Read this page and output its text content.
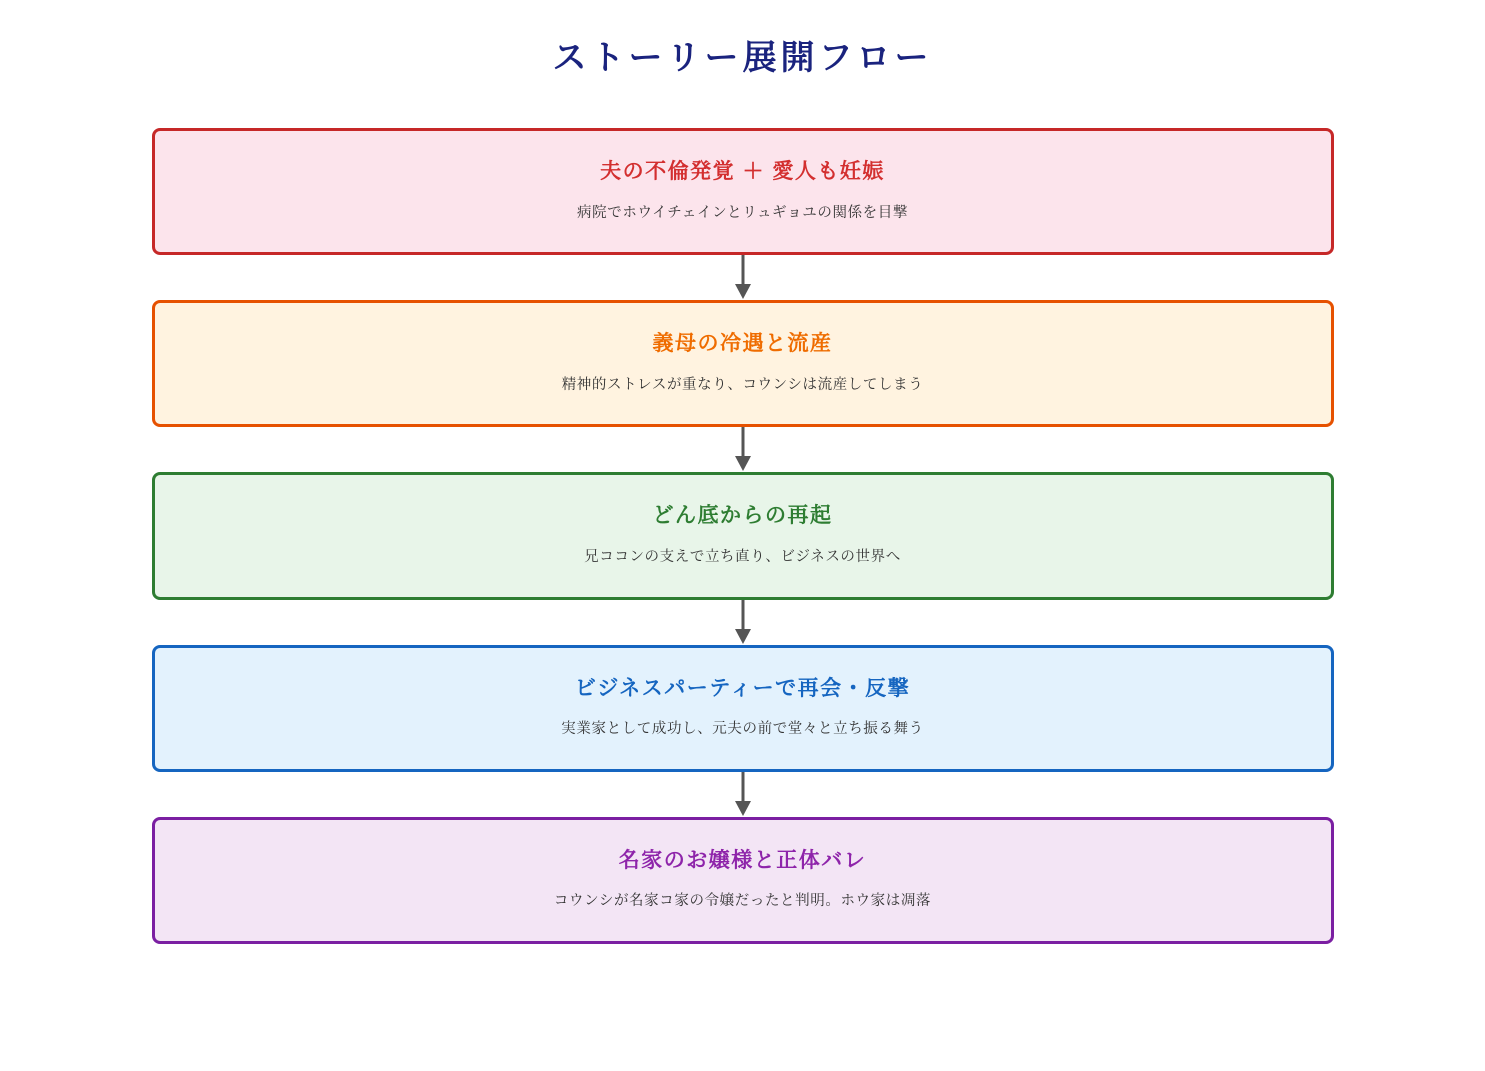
ストーリー展開フロー
夫の不倫発覚 ＋ 愛人も妊娠
病院でホウイチェインとリュギョユの関係を目撃
義母の冷遇と流産
精神的ストレスが重なり、コウンシは流産してしまう
どん底からの再起
兄ココンの支えで立ち直り、ビジネスの世界へ
ビジネスパーティーで再会・反撃
実業家として成功し、元夫の前で堂々と立ち振る舞う
名家のお嬢様と正体バレ
コウンシが名家コ家の令嬢だったと判明。ホウ家は凋落
